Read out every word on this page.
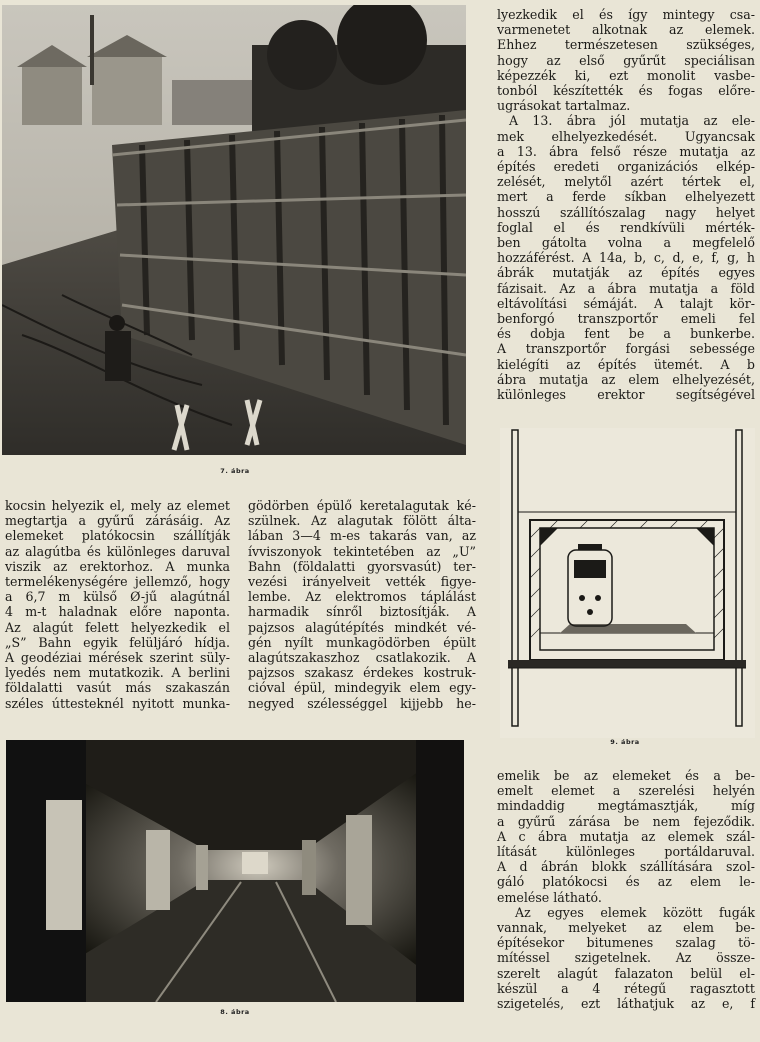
7. ábra

lyezkedik el és így mintegy csa-
varmenetet alkotnak az elemek.
Ehhez természetesen szükséges,
hogy az első gyűrűt speciálisan
képezzék ki, ezt monolit vasbe-
tonból készítették és fogas előre-
ugrásokat tartalmaz.

A 13. ábra jól mutatja az ele-
mek elhelyezkedését. Ugyancsak
a 13. ábra felső része mutatja az
építés eredeti organizációs elkép-
zelését, melytől azért tértek el,
mert a ferde síkban elhelyezett
hosszú szállítószalag nagy helyet
foglal el és rendkívüli mérték-
ben gátolta volna a megfelelő
hozzáférést. A 14a, b, c, d, e, f, g, h
ábrák mutatják az építés egyes
fázisait. Az a ábra mutatja a föld
eltávolítási sémáját. A talajt kör-
benforgó transzportőr emeli fel
és dobja fent be a bunkerbe.
A transzportőr forgási sebessége
kielégíti az építés ütemét. A b
ábra mutatja az elem elhelyezését,
különleges erektor segítségével

9. ábra

kocsin helyezik el, mely az elemet
megtartja a gyűrű zárásáig. Az
elemeket platókocsin szállítják
az alagútba és különleges daruval
viszik az erektorhoz. A munka
termelékenységére jellemző, hogy
a 6,7 m külső Ø-jű alagútnál
4 m-t haladnak előre naponta.
Az alagút felett helyezkedik el
„S” Bahn egyik felüljáró hídja.
A geodéziai mérések szerint süly-
lyedés nem mutatkozik. A berlini
földalatti vasút más szakaszán
széles úttesteknél nyitott munka-

gödörben épülő keretalagutak ké-
szülnek. Az alagutak fölött álta-
lában 3—4 m-es takarás van, az
ívviszonyok tekintetében az „U”
Bahn (földalatti gyorsvasút) ter-
vezési irányelveit vették figye-
lembe. Az elektromos táplálást
harmadik sínről biztosítják. A
pajzsos alagútépítés mindkét vé-
gén nyílt munkagödörben épült
alagútszakaszhoz csatlakozik. A
pajzsos szakasz érdekes kostruk-
cióval épül, mindegyik elem egy-
negyed szélességgel kijjebb he-

8. ábra

emelik be az elemeket és a be-
emelt elemet a szerelési helyén
mindaddig megtámasztják, míg
a gyűrű zárása be nem fejeződik.
A c ábra mutatja az elemek szál-
lítását különleges portáldaruval.
A d ábrán blokk szállítására szol-
gáló platókocsi és az elem le-
emelése látható.

Az egyes elemek között fugák
vannak, melyeket az elem be-
építésekor bitumenes szalag tö-
mítéssel szigetelnek. Az össze-
szerelt alagút falazaton belül el-
készül a 4 rétegű ragasztott
szigetelés, ezt láthatjuk az e, f
